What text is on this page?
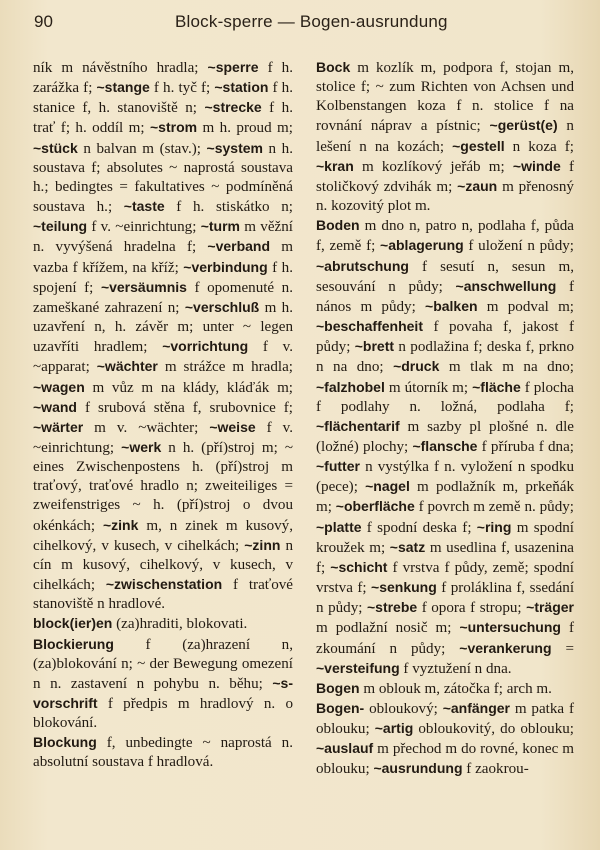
90	Block-sperre — Bogen-ausrundung

ník m návěstního hradla; ~sperre f h. zarážka f; ~stange f h. tyč f; ~station f h. stanice f, h. stanoviště n; ~strecke f h. trať f; h. oddíl m; ~strom m h. proud m; ~stück n balvan m (stav.); ~system n h. soustava f; absolutes ~ naprostá soustava h.; bedingtes = fakultatives ~ podmíněná soustava h.; ~taste f h. stiskátko n; ~teilung f v. ~einrichtung; ~turm m věžní n. vyvýšená hradelna f; ~verband m vazba f křížem, na kříž; ~verbindung f h. spojení f; ~versäumnis f opomenuté n. zameškané zahrazení n; ~verschluß m h. uzavření n, h. závěr m; unter ~ legen uzavříti hradlem; ~vorrichtung f v. ~apparat; ~wächter m strážce m hradla; ~wagen m vůz m na klády, kláďák m; ~wand f srubová stěna f, srubovnice f; ~wärter m v. ~wächter; ~weise f v. ~einrichtung; ~werk n h. (pří)stroj m; ~ eines Zwischenpostens h. (pří)stroj m traťový, traťové hradlo n; zweiteiliges = zweifenstriges ~ h. (pří)stroj o dvou okénkách; ~zink m, n zinek m kusový, cihelkový, v kusech, v cihelkách; ~zinn n cín m kusový, cihelkový, v kusech, v cihelkách; ~zwischenstation f traťové stanoviště n hradlové.

block(ier)en (za)hraditi, blokovati.

Blockierung f (za)hrazení n, (za)blokování n; ~ der Bewegung omezení n n. zastavení n pohybu n. běhu; ~s-vorschrift f předpis m hradlový n. o blokování.

Blockung f, unbedingte ~ naprostá n. absolutní soustava f hradlová.

Bock m kozlík m, podpora f, stojan m, stolice f; ~ zum Richten von Achsen und Kolbenstangen koza f n. stolice f na rovnání náprav a pístnic; ~gerüst(e) n lešení n na kozách; ~gestell n koza f; ~kran m kozlíkový jeřáb m; ~winde f stoličkový zdvihák m; ~zaun m přenosný n. kozovitý plot m.

Boden m dno n, patro n, podlaha f, půda f, země f; ~ablagerung f uložení n půdy; ~abrutschung f sesutí n, sesun m, sesouvání n půdy; ~anschwellung f nános m půdy; ~balken m podval m; ~beschaffenheit f povaha f, jakost f půdy; ~brett n podlažina f; deska f, prkno n na dno; ~druck m tlak m na dno; ~falzhobel m útorník m; ~fläche f plocha f podlahy n. ložná, podlaha f; ~flächentarif m sazby pl plošné n. dle (ložné) plochy; ~flansche f příruba f dna; ~futter n vystýlka f n. vyložení n spodku (pece); ~nagel m podlažník m, prkeňák m; ~oberfläche f povrch m země n. půdy; ~platte f spodní deska f; ~ring m spodní kroužek m; ~satz m usedlina f, usazenina f; ~schicht f vrstva f půdy, země; spodní vrstva f; ~senkung f proláklina f, ssedání n půdy; ~strebe f opora f stropu; ~träger m podlažní nosič m; ~untersuchung f zkoumání n půdy; ~verankerung = ~versteifung f vyztužení n dna.

Bogen m oblouk m, zátočka f; arch m.

Bogen- obloukový; ~anfänger m patka f oblouku; ~artig obloukovitý, do oblouku; ~auslauf m přechod m do rovné, konec m oblouku; ~ausrundung f zaokrou-
